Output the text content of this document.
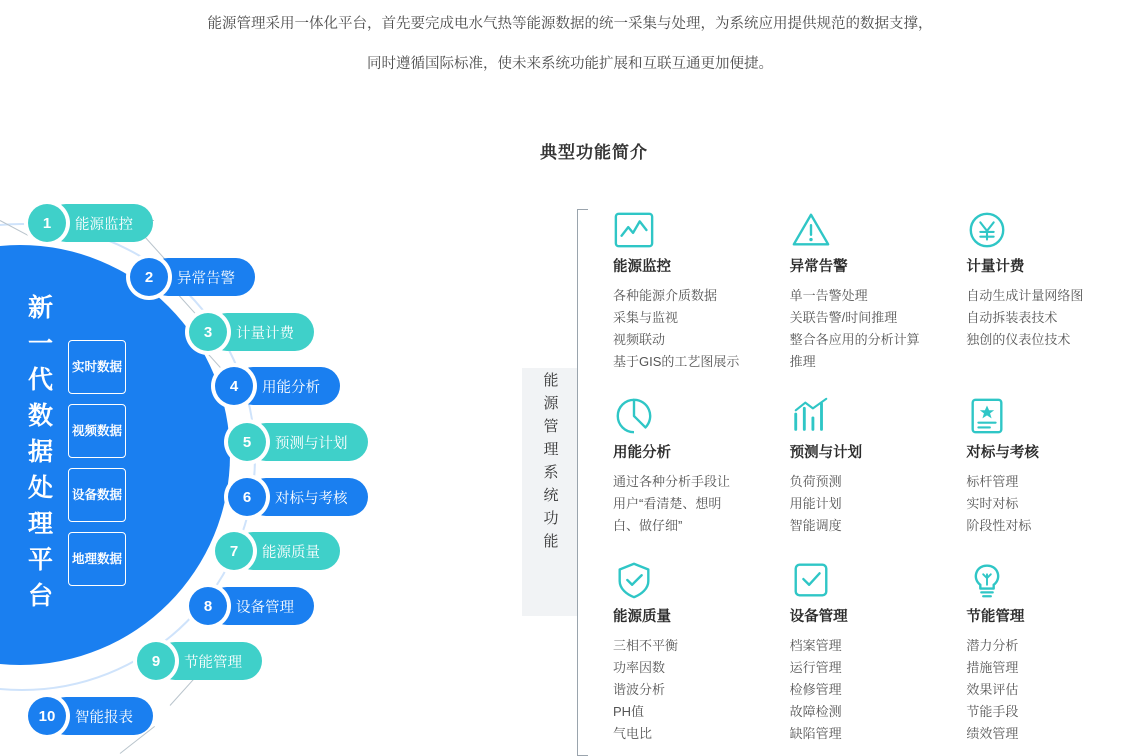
能源管理采用一体化平台，首先要完成电水气热等能源数据的统一采集与处理，为系统应用提供规范的数据支撑，
同时遵循国际标准，使未来系统功能扩展和互联互通更加便捷。
典型功能简介
新一代数据处理平台
实时数据
视频数据
设备数据
地理数据
1	能源监控
2	异常告警
3	计量计费
4	用能分析
5	预测与计划
6	对标与考核
7	能源质量
8	设备管理
9	节能管理
10	智能报表
能源管理系统功能
能源监控
各种能源介质数据
采集与监视
视频联动
基于GIS的工艺图展示
异常告警
单一告警处理
关联告警/时间推理
整合各应用的分析计算
推理
计量计费
自动生成计量网络图
自动拆装表技术
独创的仪表位技术
用能分析
通过各种分析手段让
用户“看清楚、想明
白、做仔细”
预测与计划
负荷预测
用能计划
智能调度
对标与考核
标杆管理
实时对标
阶段性对标
能源质量
三相不平衡
功率因数
谐波分析
PH值
气电比
设备管理
档案管理
运行管理
检修管理
故障检测
缺陷管理
节能管理
潜力分析
措施管理
效果评估
节能手段
绩效管理
